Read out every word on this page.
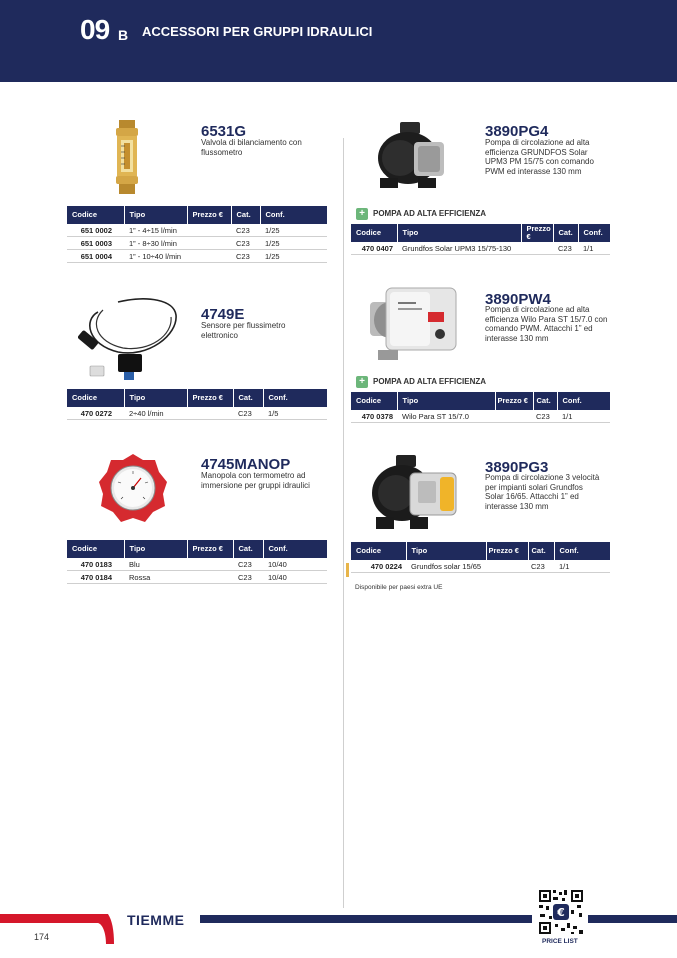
09 B ACCESSORI PER GRUPPI IDRAULICI
6531G
Valvola di bilanciamento con flussometro
Codice	Tipo	Prezzo €	Cat.	Conf.
651 0002	1” - 4÷15 l/min		C23	1/25
651 0003	1” - 8÷30 l/min		C23	1/25
651 0004	1” - 10÷40 l/min		C23	1/25
4749E
Sensore per flussimetro elettronico
Codice	Tipo	Prezzo €	Cat.	Conf.
470 0272	2÷40 l/min		C23	1/5
4745MANOP
Manopola con termometro ad immersione per gruppi idraulici
Codice	Tipo	Prezzo €	Cat.	Conf.
470 0183	Blu		C23	10/40
470 0184	Rossa		C23	10/40
3890PG4
Pompa di circolazione ad alta efficienza GRUNDFOS Solar UPM3 PM 15/75 con comando PWM ed interasse 130 mm
+	POMPA AD ALTA EFFICIENZA
Codice	Tipo	Prezzo €	Cat.	Conf.
470 0407	Grundfos Solar UPM3 15/75-130		C23	1/1
3890PW4
Pompa di circolazione ad alta efficienza Wilo Para ST 15/7.0 con comando PWM. Attacchi 1” ed interasse 130 mm
+	POMPA AD ALTA EFFICIENZA
Codice	Tipo	Prezzo €	Cat.	Conf.
470 0378	Wilo Para ST 15/7.0		C23	1/1
3890PG3
Pompa di circolazione 3 velocità per impianti solari Grundfos Solar 16/65. Attacchi 1” ed interasse 130 mm
Codice	Tipo	Prezzo €	Cat.	Conf.
470 0224	Grundfos solar 15/65		C23	1/1
Disponibile per paesi extra UE
TIEMME
174
€
PRICE LIST
